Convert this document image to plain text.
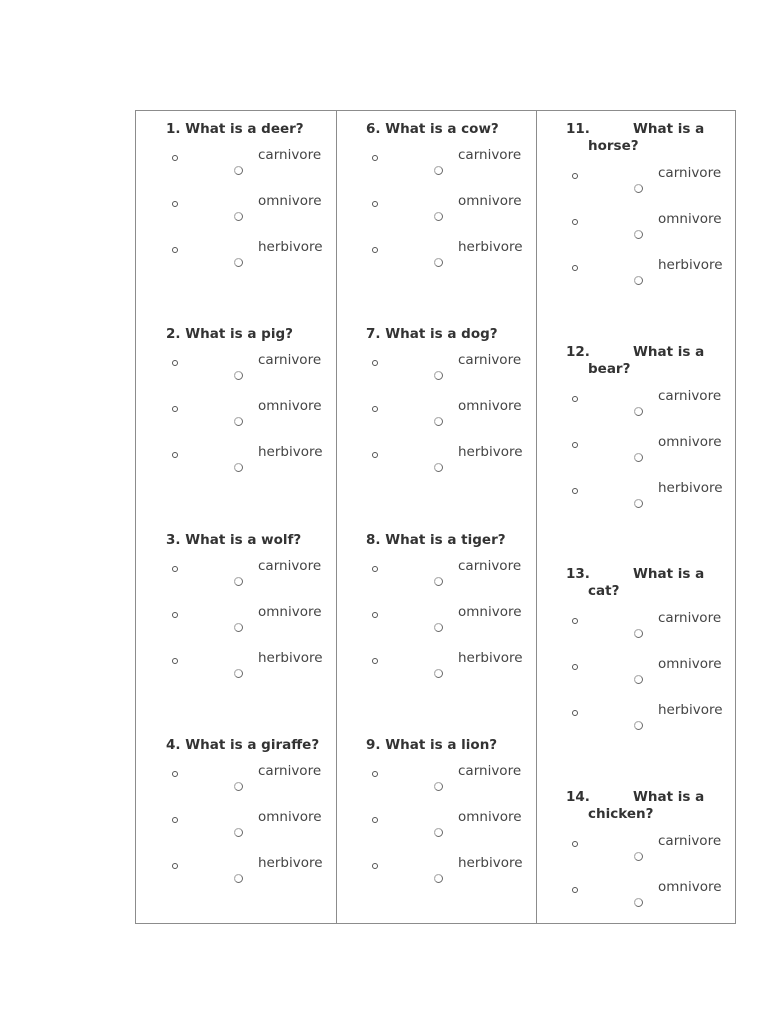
1. What is a deer?
carnivore
omnivore
herbivore
2. What is a pig?
carnivore
omnivore
herbivore
3. What is a wolf?
carnivore
omnivore
herbivore
4. What is a giraffe?
carnivore
omnivore
herbivore
6. What is a cow?
carnivore
omnivore
herbivore
7. What is a dog?
carnivore
omnivore
herbivore
8. What is a tiger?
carnivore
omnivore
herbivore
9. What is a lion?
carnivore
omnivore
herbivore
11.	What is a
horse?
carnivore
omnivore
herbivore
12.	What is a
bear?
carnivore
omnivore
herbivore
13.	What is a
cat?
carnivore
omnivore
herbivore
14.	What is a
chicken?
carnivore
omnivore
